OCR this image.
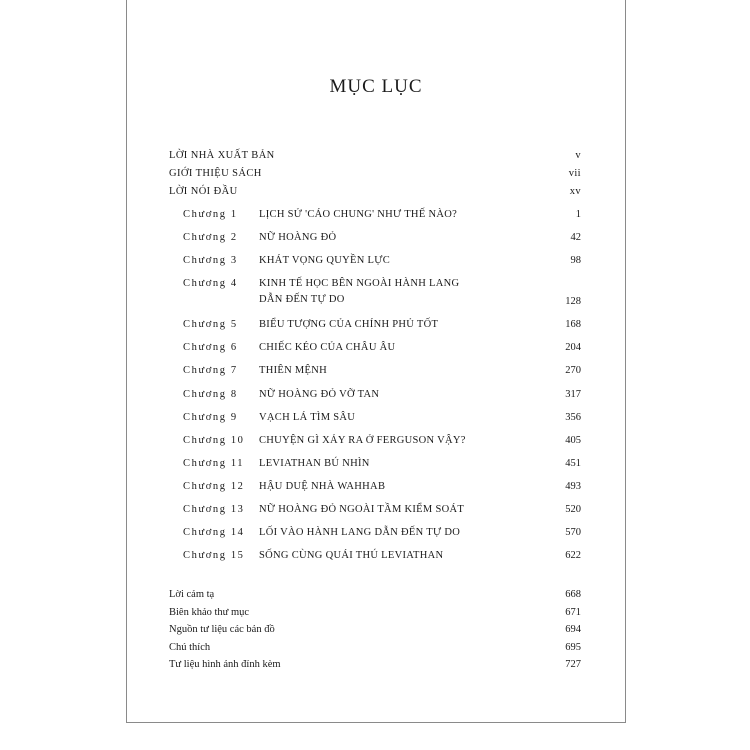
MỤC LỤC
LỜI NHÀ XUẤT BẢN	v
GIỚI THIỆU SÁCH	vii
LỜI NÓI ĐẦU	xv
Chương 1	LỊCH SỬ 'CÁO CHUNG' NHƯ THẾ NÀO?	1
Chương 2	NỮ HOÀNG ĐỎ	42
Chương 3	KHÁT VỌNG QUYỀN LỰC	98
Chương 4	KINH TẾ HỌC BÊN NGOÀI HÀNH LANG
DẪN ĐẾN TỰ DO	128
Chương 5	BIỂU TƯỢNG CỦA CHÍNH PHỦ TỐT	168
Chương 6	CHIẾC KÉO CỦA CHÂU ÂU	204
Chương 7	THIÊN MỆNH	270
Chương 8	NỮ HOÀNG ĐỎ VỠ TAN	317
Chương 9	VẠCH LÁ TÌM SÂU	356
Chương 10	CHUYỆN GÌ XẢY RA Ở FERGUSON VẬY?	405
Chương 11	LEVIATHAN BÚ NHÌN	451
Chương 12	HẬU DUỆ NHÀ WAHHAB	493
Chương 13	NỮ HOÀNG ĐỎ NGOÀI TẦM KIỂM SOÁT	520
Chương 14	LỐI VÀO HÀNH LANG DẪN ĐẾN TỰ DO	570
Chương 15	SỐNG CÙNG QUÁI THÚ LEVIATHAN	622
Lời cảm tạ	668
Biên khảo thư mục	671
Nguồn tư liệu các bản đồ	694
Chú thích	695
Tư liệu hình ảnh đính kèm	727
